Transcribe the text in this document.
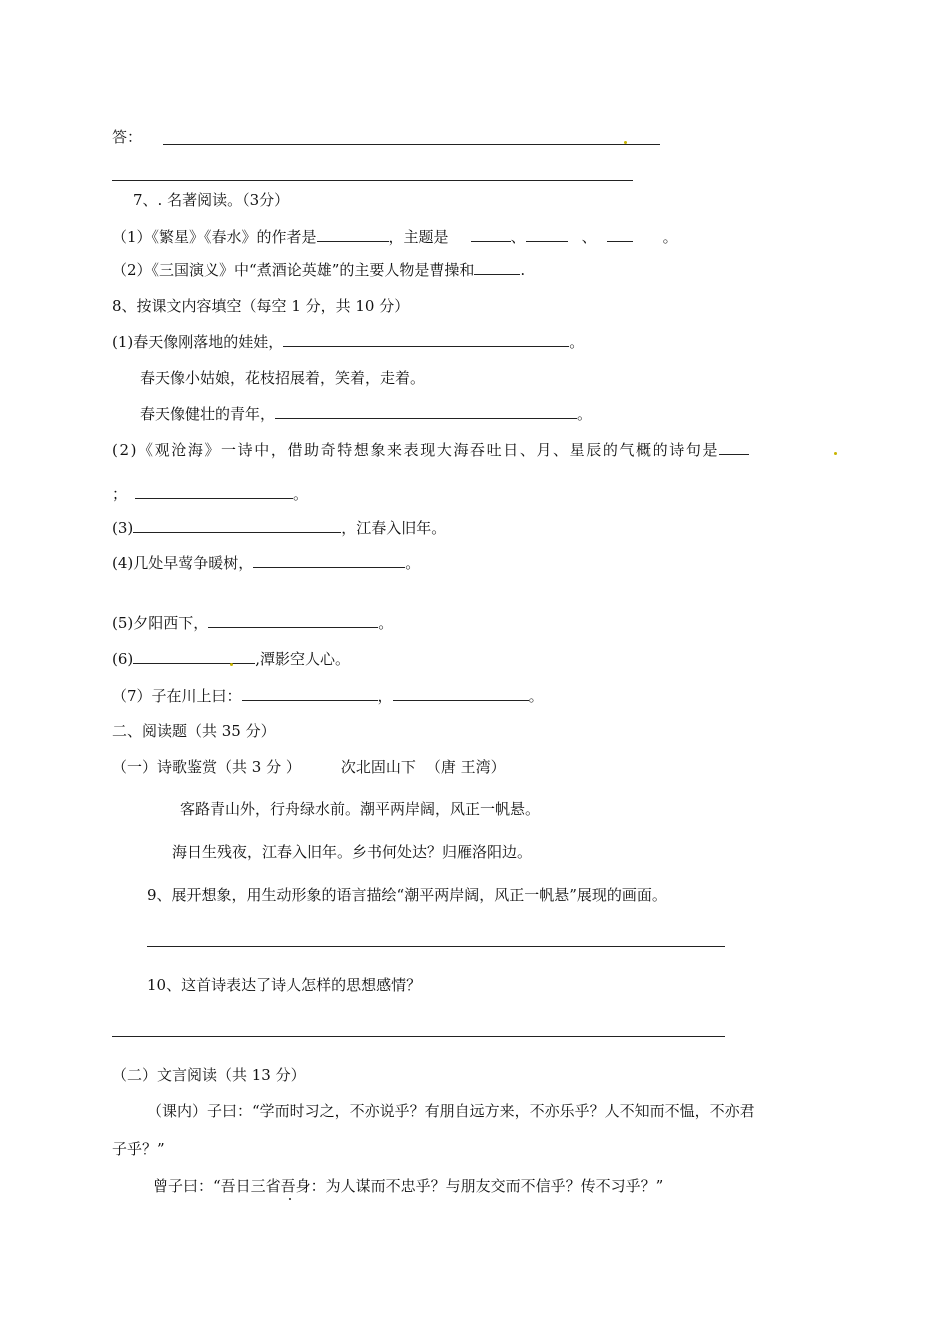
答：
7、. 名著阅读。（3分）
（1）《繁星》《春水》的作者是	，主题是	、	、	。
（2）《三国演义》中“煮酒论英雄”的主要人物是曹操和	.
8、按课文内容填空（每空 1 分，共 10 分）
(1)春天像刚落地的娃娃，	。
春天像小姑娘，花枝招展着，笑着，走着。
春天像健壮的青年，	。
(2)《观沧海》一诗中，借助奇特想象来表现大海吞吐日、月、星辰的气概的诗句是
；	。
(3)	，江春入旧年。
(4)几处早莺争暖树，	。
(5)夕阳西下，	。
(6)	,潭影空人心。
（7）子在川上曰：	，	。
二、阅读题（共 35 分）
（一）诗歌鉴赏（共 3 分 ）	次北固山下 （唐 王湾）
客路青山外，行舟绿水前。潮平两岸阔，风正一帆悬。
海日生残夜，江春入旧年。乡书何处达？归雁洛阳边。
9、展开想象，用生动形象的语言描绘“潮平两岸阔，风正一帆悬”展现的画面。
10、这首诗表达了诗人怎样的思想感情？
（二）文言阅读（共 13 分）
（课内）子曰：“学而时习之，不亦说乎？有朋自远方来，不亦乐乎？人不知而不愠，不亦君
子乎？”
曾子曰：“吾日三省吾身：为人谋而不忠乎？与朋友交而不信乎？传不习乎？”
